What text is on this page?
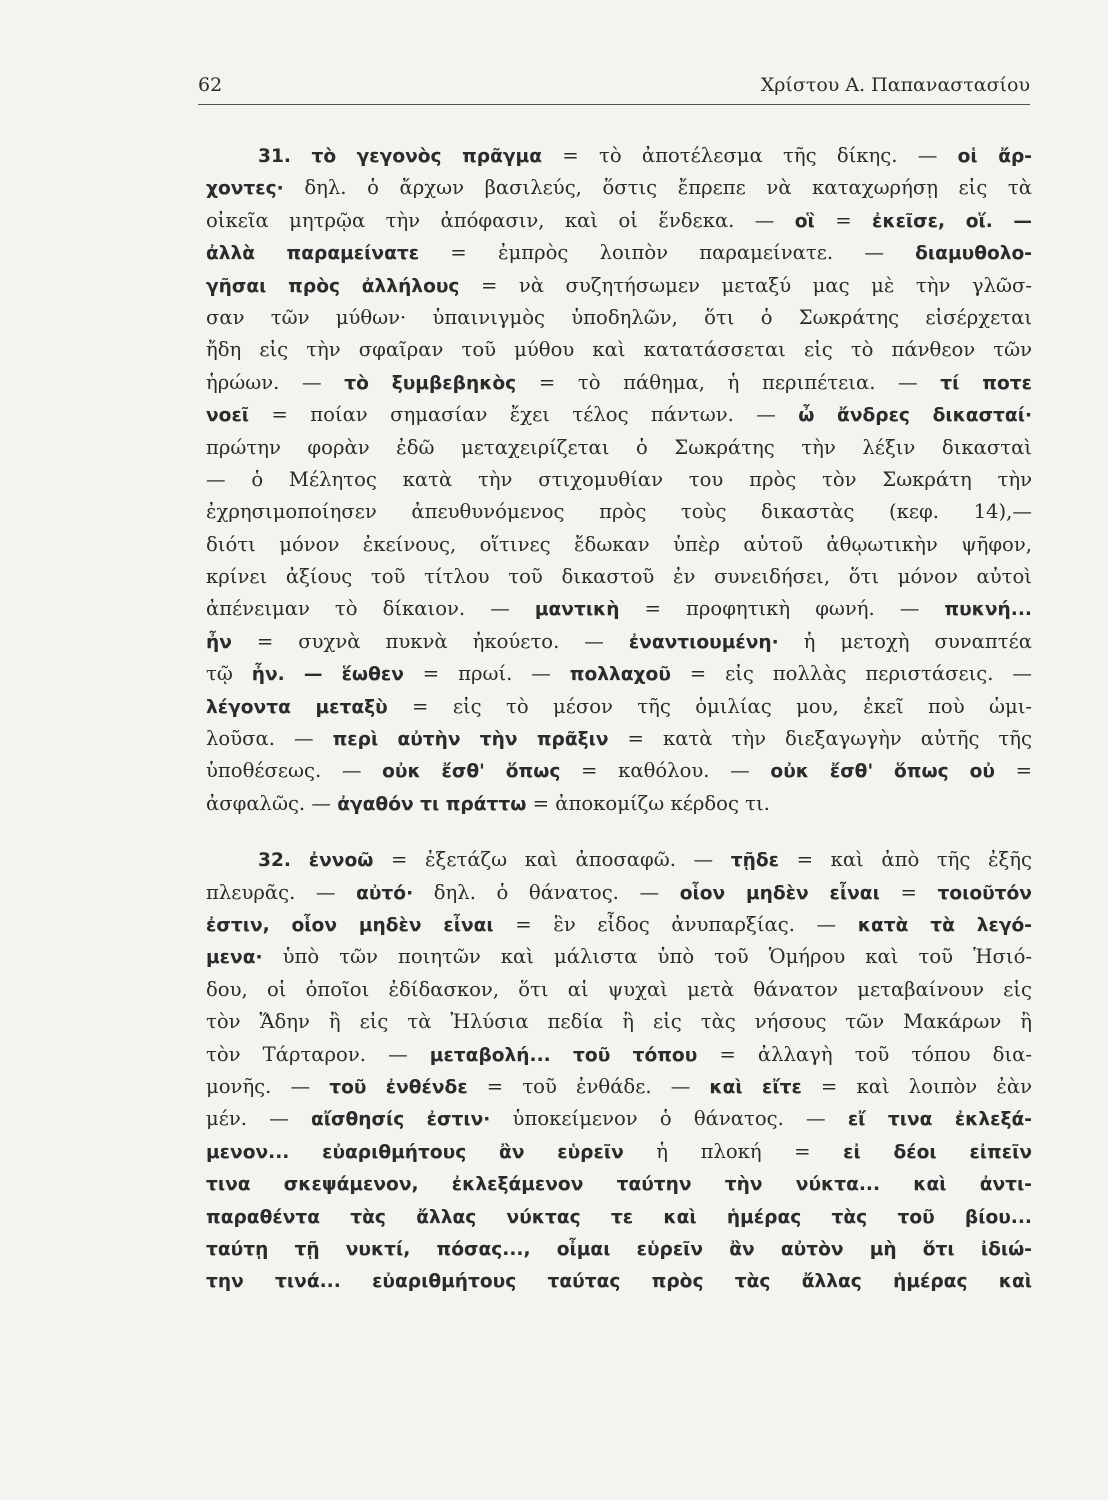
62	Χρίστου Α. Παπαναστασίου
31. τὸ γεγονὸς πρᾶγμα = τὸ ἀποτέλεσμα τῆς δίκης. — οἱ ἄρ-
χοντες· δηλ. ὁ ἄρχων βασιλεύς, ὅστις ἔπρεπε νὰ καταχωρήσῃ εἰς τὰ
οἰκεῖα μητρῷα τὴν ἀπόφασιν, καὶ οἱ ἕνδεκα. — οἳ = ἐκεῖσε, οἵ. —
ἀλλὰ παραμείνατε = ἐμπρὸς λοιπὸν παραμείνατε. — διαμυθολο-
γῆσαι πρὸς ἀλλήλους = νὰ συζητήσωμεν μεταξύ μας μὲ τὴν γλῶσ-
σαν τῶν μύθων· ὑπαινιγμὸς ὑποδηλῶν, ὅτι ὁ Σωκράτης εἰσέρχεται
ἤδη εἰς τὴν σφαῖραν τοῦ μύθου καὶ κατατάσσεται εἰς τὸ πάνθεον τῶν
ἡρώων. — τὸ ξυμβεβηκὸς = τὸ πάθημα, ἡ περιπέτεια. — τί ποτε
νοεῖ = ποίαν σημασίαν ἔχει τέλος πάντων. — ὦ ἄνδρες δικασταί·
πρώτην φορὰν ἐδῶ μεταχειρίζεται ὁ Σωκράτης τὴν λέξιν δικασταὶ
— ὁ Μέλητος κατὰ τὴν στιχομυθίαν του πρὸς τὸν Σωκράτη τὴν
ἐχρησιμοποίησεν ἀπευθυνόμενος πρὸς τοὺς δικαστὰς (κεφ. 14),—
διότι μόνον ἐκείνους, οἵτινες ἔδωκαν ὑπὲρ αὐτοῦ ἀθῳωτικὴν ψῆφον,
κρίνει ἀξίους τοῦ τίτλου τοῦ δικαστοῦ ἐν συνειδήσει, ὅτι μόνον αὐτοὶ
ἀπένειμαν τὸ δίκαιον. — μαντικὴ = προφητικὴ φωνή. — πυκνή...
ἦν = συχνὰ πυκνὰ ἠκούετο. — ἐναντιουμένη· ἡ μετοχὴ συναπτέα
τῷ ἦν. — ἕωθεν = πρωί. — πολλαχοῦ = εἰς πολλὰς περιστάσεις. —
λέγοντα μεταξὺ = εἰς τὸ μέσον τῆς ὁμιλίας μου, ἐκεῖ ποὺ ὡμι-
λοῦσα. — περὶ αὐτὴν τὴν πρᾶξιν = κατὰ τὴν διεξαγωγὴν αὐτῆς τῆς
ὑποθέσεως. — οὐκ ἔσθ' ὅπως = καθόλου. — οὐκ ἔσθ' ὅπως οὐ =
ἀσφαλῶς. — ἀγαθόν τι πράττω = ἀποκομίζω κέρδος τι.
32. ἐννοῶ = ἐξετάζω καὶ ἀποσαφῶ. — τῇδε = καὶ ἀπὸ τῆς ἐξῆς
πλευρᾶς. — αὐτό· δηλ. ὁ θάνατος. — οἷον μηδὲν εἶναι = τοιοῦτόν
ἐστιν, οἷον μηδὲν εἶναι = ἓν εἶδος ἀνυπαρξίας. — κατὰ τὰ λεγό-
μενα· ὑπὸ τῶν ποιητῶν καὶ μάλιστα ὑπὸ τοῦ Ὁμήρου καὶ τοῦ Ἡσιό-
δου, οἱ ὁποῖοι ἐδίδασκον, ὅτι αἱ ψυχαὶ μετὰ θάνατον μεταβαίνουν εἰς
τὸν Ἅδην ἢ εἰς τὰ Ἠλύσια πεδία ἢ εἰς τὰς νήσους τῶν Μακάρων ἢ
τὸν Τάρταρον. — μεταβολή... τοῦ τόπου = ἀλλαγὴ τοῦ τόπου δια-
μονῆς. — τοῦ ἐνθένδε = τοῦ ἐνθάδε. — καὶ εἴτε = καὶ λοιπὸν ἐὰν
μέν. — αἴσθησίς ἐστιν· ὑποκείμενον ὁ θάνατος. — εἴ τινα ἐκλεξά-
μενον... εὐαριθμήτους ἂν εὑρεῖν ἡ πλοκή = εἰ δέοι εἰπεῖν
τινα σκεψάμενον, ἐκλεξάμενον ταύτην τὴν νύκτα... καὶ ἀντι-
παραθέντα τὰς ἄλλας νύκτας τε καὶ ἡμέρας τὰς τοῦ βίου...
ταύτῃ τῇ νυκτί, πόσας..., οἶμαι εὑρεῖν ἂν αὐτὸν μὴ ὅτι ἰδιώ-
την τινά... εὐαριθμήτους ταύτας πρὸς τὰς ἄλλας ἡμέρας καὶ
